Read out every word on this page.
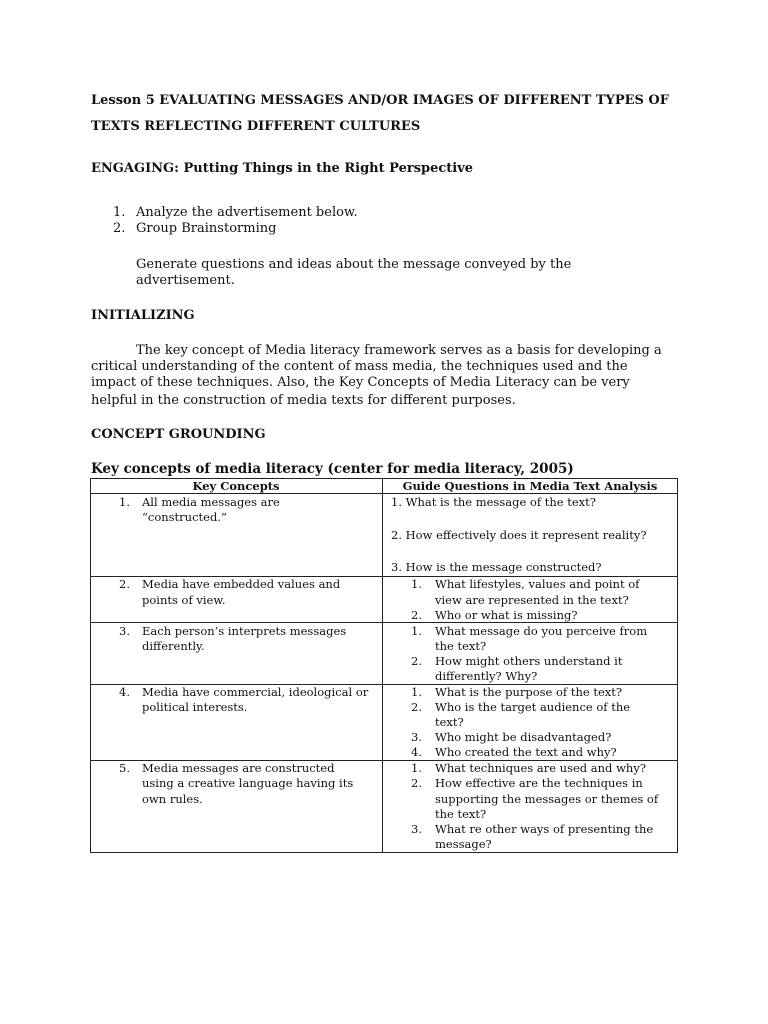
Lesson 5 EVALUATING MESSAGES AND/OR IMAGES OF DIFFERENT TYPES OF
TEXTS REFLECTING DIFFERENT CULTURES
ENGAGING: Putting Things in the Right Perspective
1. Analyze the advertisement below.
2. Group Brainstorming
Generate questions and ideas about the message conveyed by the
advertisement.
INITIALIZING
The key concept of Media literacy framework serves as a basis for developing a
critical understanding of the content of mass media, the techniques used and the
impact of these techniques. Also, the Key Concepts of Media Literacy can be very
helpful in the construction of media texts for different purposes.
CONCEPT GROUNDING
Key concepts of media literacy (center for media literacy, 2005)
Key Concepts	Guide Questions in Media Text Analysis
1. All media messages are
“constructed.”
1. What is the message of the text?
2. How effectively does it represent reality?
3. How is the message constructed?
2. Media have embedded values and
points of view.
1. What lifestyles, values and point of
view are represented in the text?
2. Who or what is missing?
3. Each person’s interprets messages
differently.
1. What message do you perceive from
the text?
2. How might others understand it
differently? Why?
4. Media have commercial, ideological or
political interests.
1. What is the purpose of the text?
2. Who is the target audience of the
text?
3. Who might be disadvantaged?
4. Who created the text and why?
5. Media messages are constructed
using a creative language having its
own rules.
1. What techniques are used and why?
2. How effective are the techniques in
supporting the messages or themes of
the text?
3. What re other ways of presenting the
message?
